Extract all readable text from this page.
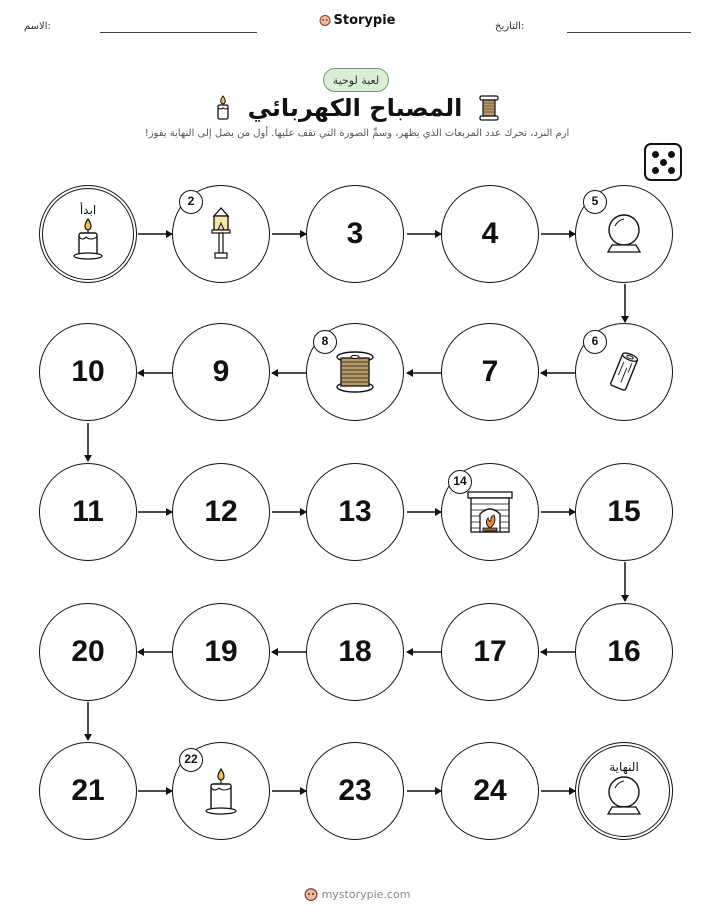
الاسم:	Storypie	التاريخ:
لعبة لوحية
المصباح الكهربائي
ارم النرد، تحرك عدد المربعات الذي يظهر، وسمِّ الصورة التي تقف عليها. أول من يصل إلى النهاية يفوز!
ابدأ
2
3	4
5
6
7
8
9
10
11	12	13
14
15
16
17
18
19
20
21
22
23	24
النهاية
mystorypie.com
